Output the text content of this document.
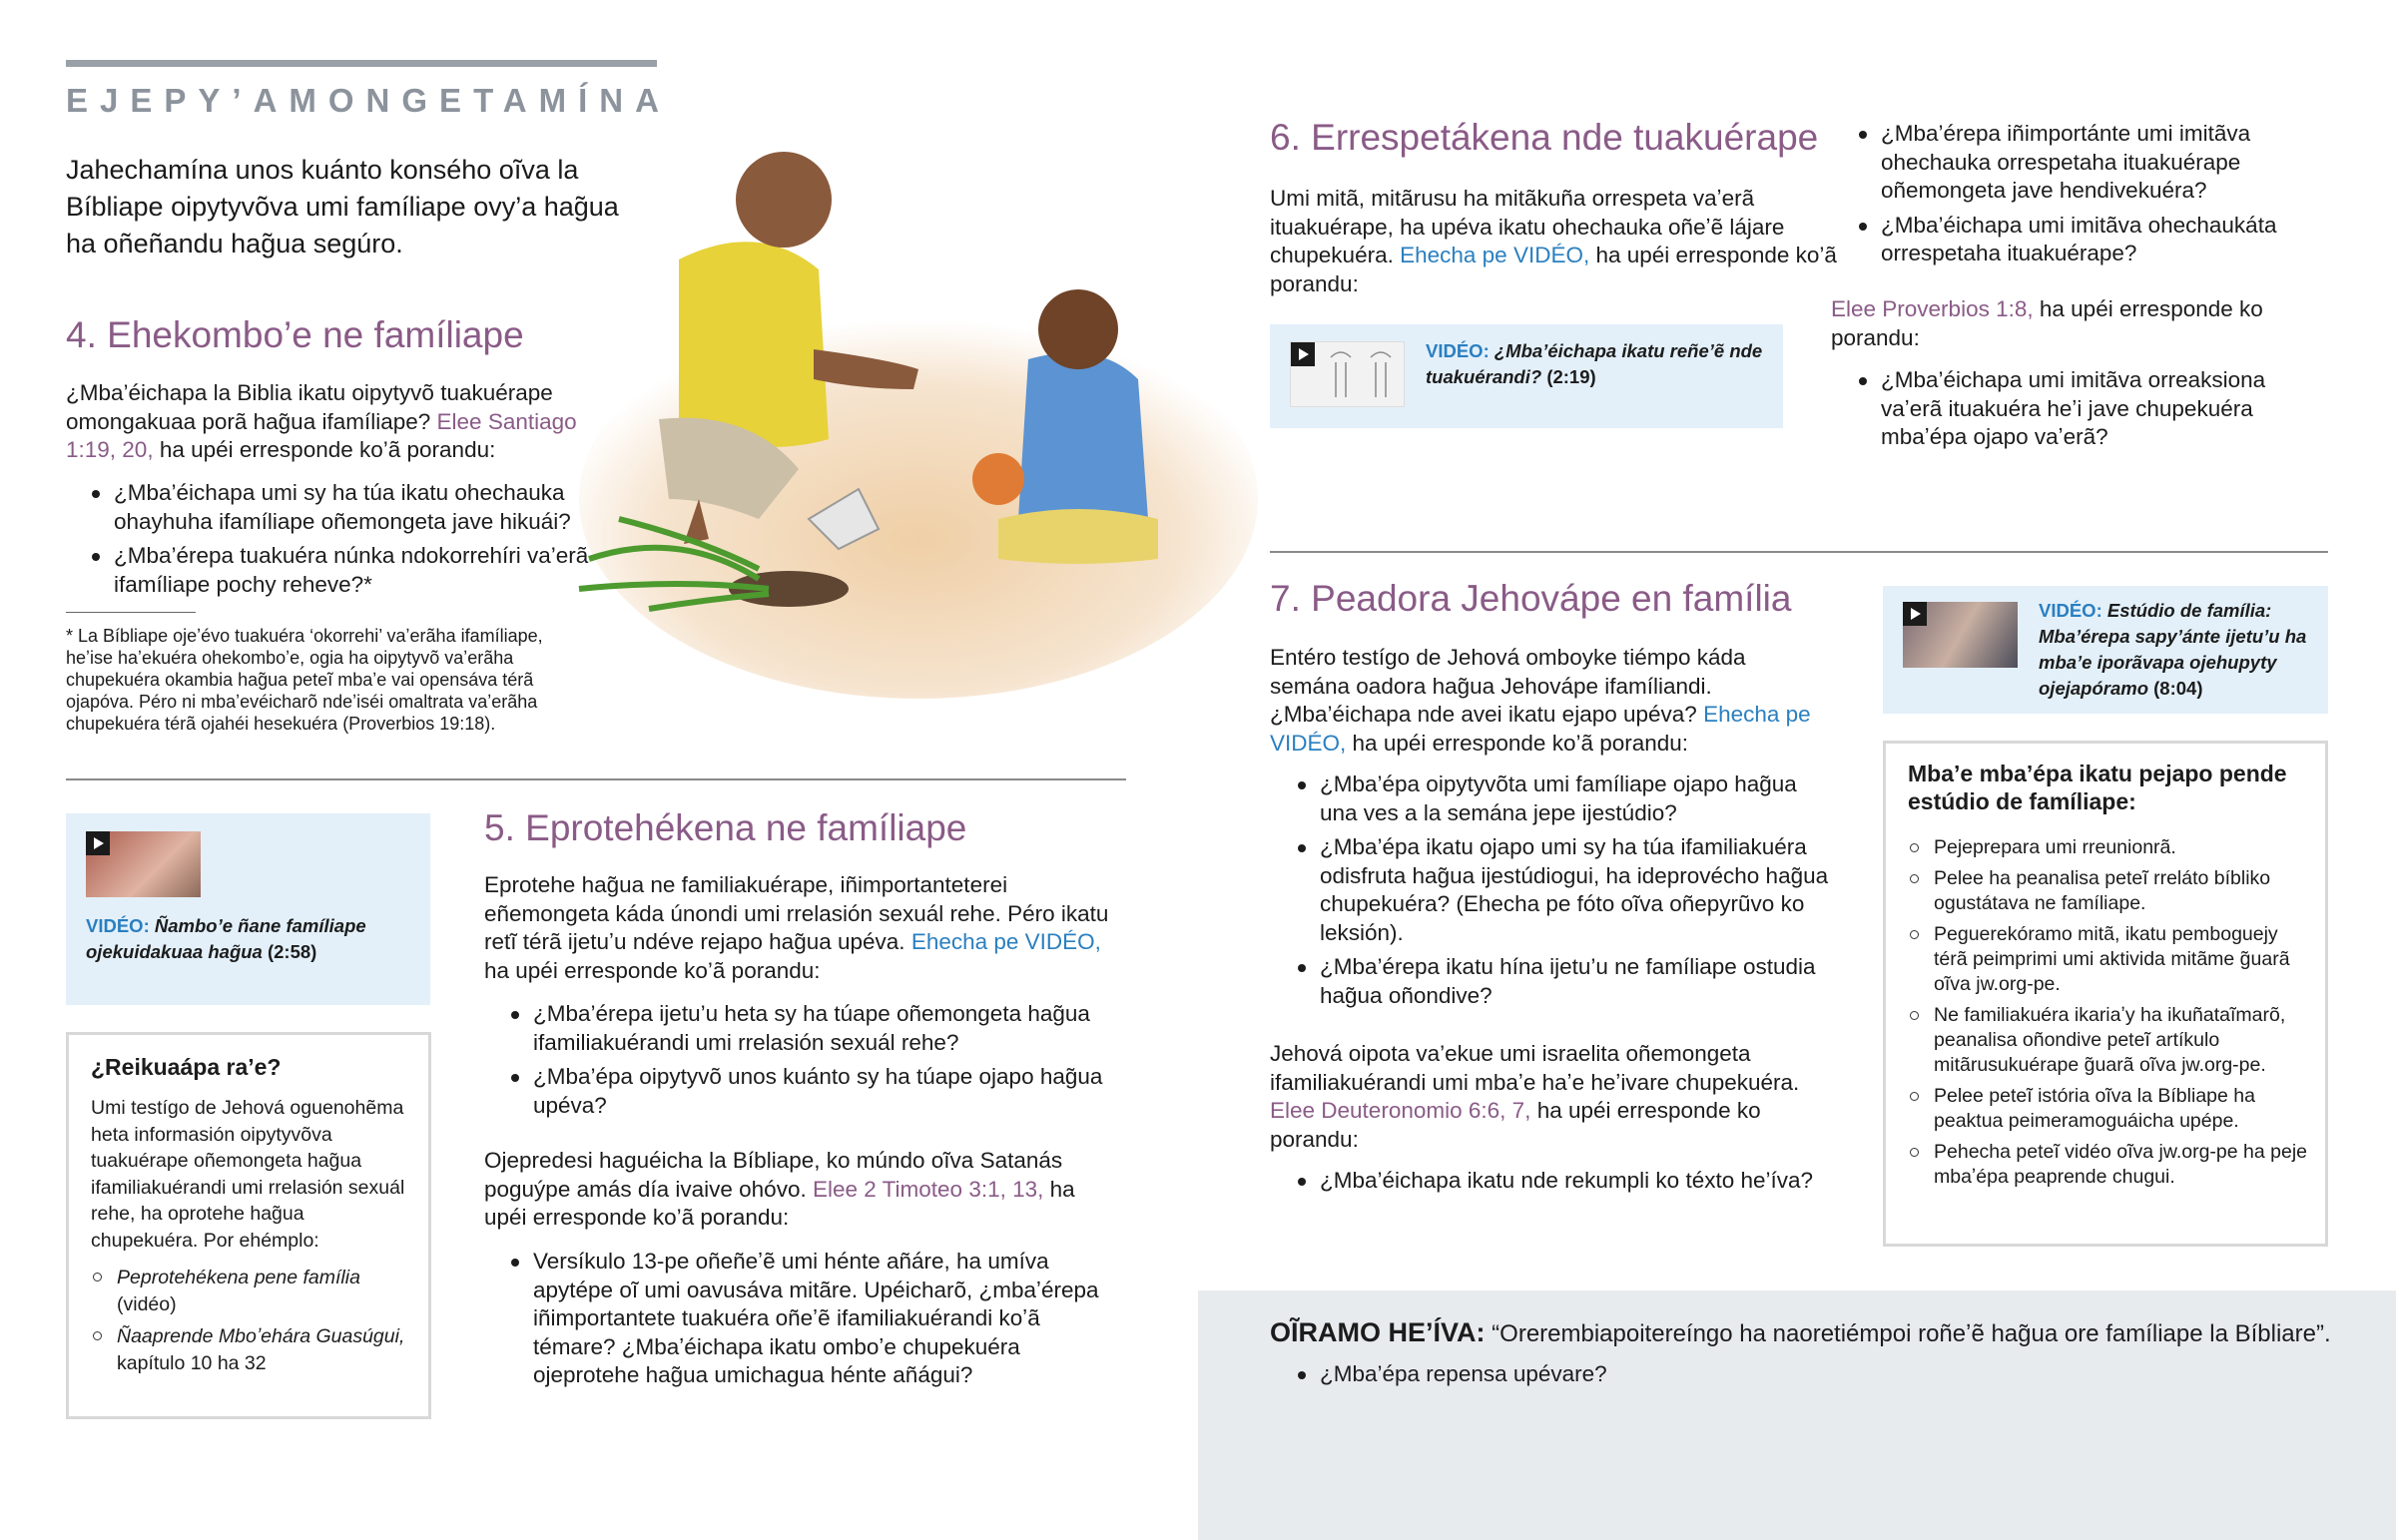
EJEPY’AMONGETAMÍNA
Jahechamína unos kuánto konsého oĩva la Bíbliape oipytyvõva umi famíliape ovy’a hag̃ua ha oñeñandu hag̃ua segúro.
4. Ehekombo’e ne famíliape
¿Mba’éichapa la Biblia ikatu oipytyvõ tuakuérape omongakuaa porã hag̃ua ifamíliape? Elee Santiago 1:19, 20, ha upéi erresponde ko’ã porandu:
¿Mba’éichapa umi sy ha túa ikatu ohechauka ohayhuha ifamíliape oñemongeta jave hikuái?
¿Mba’érepa tuakuéra núnka ndokorrehíri va’erã ifamíliape pochy reheve?*
* La Bíbliape ojeʼévo tuakuéra ‘okorrehi’ vaʼerãha ifamíliape, heʼise haʼekuéra ohekomboʼe, ogia ha oipytyvõ vaʼerãha chupekuéra okambia hag̃ua peteĩ mbaʼe vai opensáva térã ojapóva. Péro ni mbaʼevéicharõ ndeʼiséi omaltrata vaʼerãha chupekuéra térã ojahéi hesekuéra (Proverbios 19:18).
VIDÉO: Ñamboʼe ñane famíliape ojekuidakuaa hag̃ua (2:58)
¿Reikuaápa ra’e?
Umi testígo de Jehová oguenohẽma heta informasión oipytyvõva tuakuérape oñemongeta hag̃ua ifamiliakuérandi umi rrelasión sexuál rehe, ha oprotehe hag̃ua chupekuéra. Por ehémplo:
Peprotehékena pene família (vidéo)
Ñaaprende Mboʼehára Guasúgui, kapítulo 10 ha 32
5. Eprotehékena ne famíliape
Eprotehe hag̃ua ne familiakuérape, iñimportanteterei eñemongeta káda únondi umi rrelasión sexuál rehe. Péro ikatu retĩ térã ijetuʼu ndéve rejapo hag̃ua upéva. Ehecha pe VIDÉO, ha upéi erresponde ko’ã porandu:
¿Mba’érepa ijetu’u heta sy ha túape oñemongeta hag̃ua ifamiliakuérandi umi rrelasión sexuál rehe?
¿Mba’épa oipytyvõ unos kuánto sy ha túape ojapo hag̃ua upéva?
Ojepredesi haguéicha la Bíbliape, ko múndo oĩva Satanás poguýpe amás día ivaive ohóvo. Elee 2 Timoteo 3:1, 13, ha upéi erresponde ko’ã porandu:
Versíkulo 13-pe oñeñeʼẽ umi hénte añáre, ha umíva apytépe oĩ umi oavusáva mitãre. Upéicharõ, ¿mbaʼérepa iñimportantete tuakuéra oñeʼẽ ifamiliakuérandi koʼã témare? ¿Mbaʼéichapa ikatu omboʼe chupekuéra ojeprotehe hag̃ua umichagua hénte añágui?
6. Errespetákena nde tuakuérape
Umi mitã, mitãrusu ha mitãkuña orrespeta vaʼerã ituakuérape, ha upéva ikatu ohechauka oñeʼẽ lájare chupekuéra. Ehecha pe VIDÉO, ha upéi erresponde ko’ã porandu:
VIDÉO: ¿Mbaʼéichapa ikatu reñeʼẽ nde tuakuérandi? (2:19)
¿Mba’érepa iñimportánte umi imitãva ohechauka orrespetaha ituakuérape oñemongeta jave hendivekuéra?
¿Mba’éichapa umi imitãva ohechaukáta orrespetaha ituakuérape?
Elee Proverbios 1:8, ha upéi erresponde ko porandu:
¿Mba’éichapa umi imitãva orreaksiona vaʼerã ituakuéra heʼi jave chupekuéra mbaʼépa ojapo vaʼerã?
7. Peadora Jehovápe en família
Entéro testígo de Jehová omboyke tiémpo káda semána oadora hag̃ua Jehovápe ifamíliandi. ¿Mba’éichapa nde avei ikatu ejapo upéva? Ehecha pe VIDÉO, ha upéi erresponde ko’ã porandu:
¿Mba’épa oipytyvõta umi famíliape ojapo hag̃ua una ves a la semána jepe ijestúdio?
¿Mba’épa ikatu ojapo umi sy ha túa ifamiliakuéra odisfruta hag̃ua ijestúdiogui, ha ideprovécho hag̃ua chupekuéra? (Ehecha pe fóto oĩva oñepyrũvo ko leksión).
¿Mba’érepa ikatu hína ijetu’u ne famíliape ostudia hag̃ua oñondive?
Jehová oipota va’ekue umi israelita oñemongeta ifamiliakuérandi umi mbaʼe haʼe heʼivare chupekuéra. Elee Deuteronomio 6:6, 7, ha upéi erresponde ko porandu:
¿Mba’éichapa ikatu nde rekumpli ko téxto he’íva?
VIDÉO: Estúdio de família: Mbaʼérepa sapyʼánte ijetuʼu ha mbaʼe iporãvapa ojehupyty ojejapóramo (8:04)
Mba’e mba’épa ikatu pejapo pende estúdio de famíliape:
Pejeprepara umi rreunionrã.
Pelee ha peanalisa peteĩ rreláto bíbliko ogustátava ne famíliape.
Peguerekóramo mitã, ikatu pemboguejy térã peimprimi umi aktivida mitãme g̃uarã oĩva jw.org-pe.
Ne familiakuéra ikariaʼy ha ikuñataĩmarõ, peanalisa oñondive peteĩ artíkulo mitãrusukuérape g̃uarã oĩva jw.org-pe.
Pelee peteĩ istória oĩva la Bíbliape ha peaktua peimeramoguáicha upépe.
Pehecha peteĩ vidéo oĩva jw.org-pe ha peje mbaʼépa peaprende chugui.
OĨRAMO HE’ÍVA: “Orerembiapoitereíngo ha naoretiémpoi roñeʼẽ hag̃ua ore famíliape la Bíbliare”.
¿Mba’épa repensa upévare?
